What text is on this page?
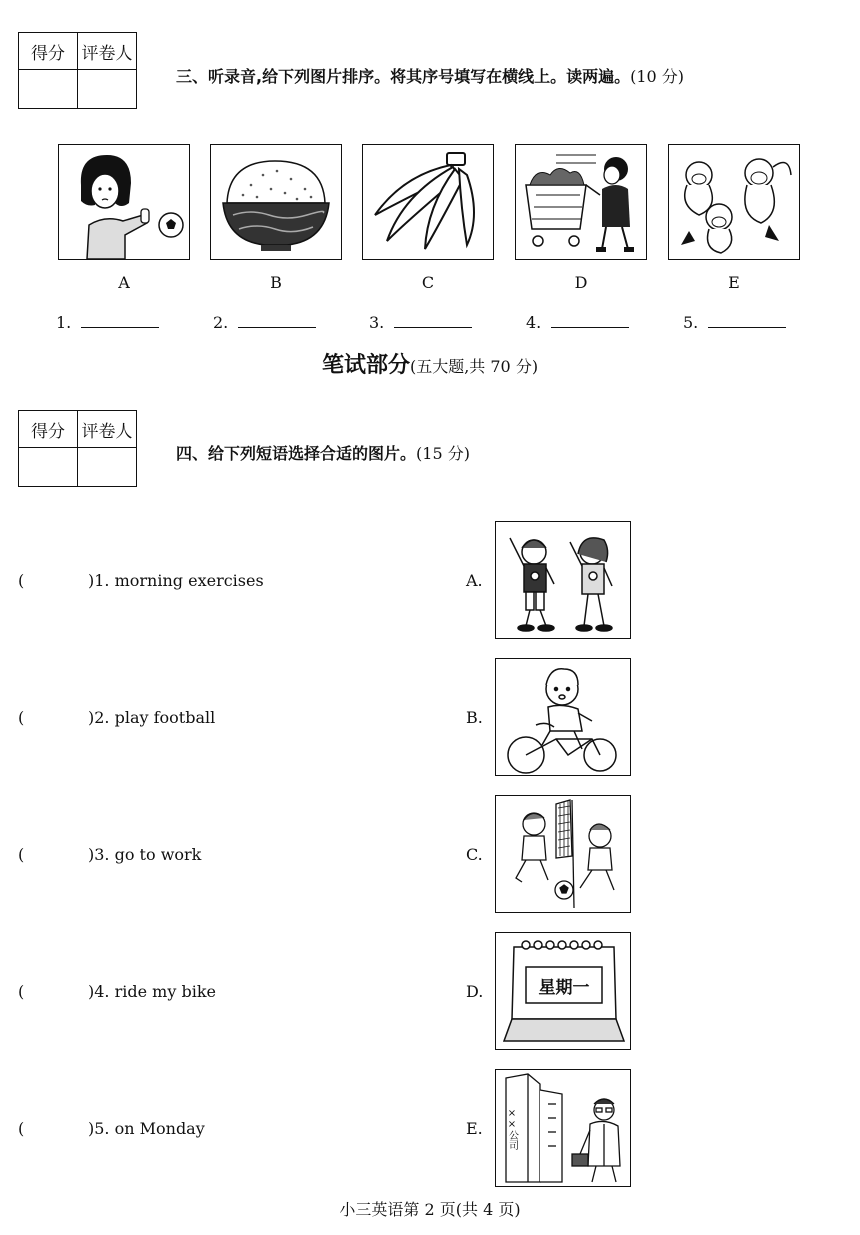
得分	评卷人

三、听录音,给下列图片排序。将其序号填写在横线上。读两遍。(10 分)
A	B	C	D	E
1.	2.	3.	4.	5.
笔试部分(五大题,共 70 分)
得分	评卷人

四、给下列短语选择合适的图片。(15 分)
(	)1. morning exercises
(	)2. play football
(	)3. go to work
(	)4. ride my bike
(	)5. on Monday
A.
B.
C.
D.	星期一
E. ××公司
小三英语第 2 页(共 4 页)
